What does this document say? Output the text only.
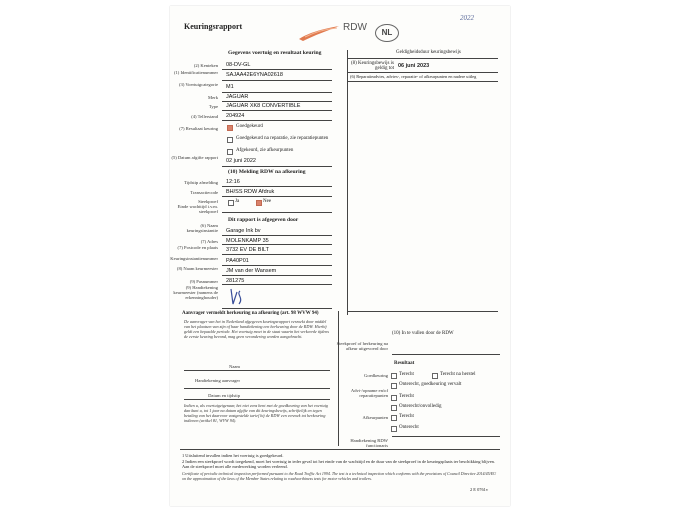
Keuringsrapport	RDW	NL
2022
Gegevens voertuig en resultaat keuring
(2) Kenteken 08-DV-GL
(1) Identificatienummer SAJAA42E6YNA02618
(3) Voertuigcategorie M1
Merk JAGUAR
Type JAGUAR XK8 CONVERTIBLE
(4) Tellerstand 204924
(7) Resultaat keuring	Goedgekeurd
Goedgekeurd na reparatie, zie reparatiepunten
Afgekeurd, zie afkeurpunten
(5) Datum afgifte rapport
02 juni 2022
(10) Melding RDW na afkeuring
Tijdstip afmelding 12:16
Transactiecode BH/SS RDW Afdruk
Steekproef
Einde wachttijd i.v.m. steekproef
Ja	Nee
Dit rapport is afgegeven door
(6) Naam keuringsinstantie Garage Ink bv
(7) Adres MOLENKAMP 35
(7) Postcode en plaats 3732 EV DE BILT
Keuringsinstantienummer PA40P01
(8) Naam keurmeester JM van der Wansem
(9) Pasnummer 281275
(9) Handtekening keurmeester (namens de erkenninghouder)
Geldigheidsduur keuringsbewijs
(8) Keuringsbewijs is geldig tot 06 juni 2023
(6) Reparatieadvies, advies-, reparatie- of afkeurpunten en nadere uitleg
Aanvrager vermeldt herkeuring na afkeuring (art. 98 WVW 94)
De aanvrager van het in Nederland afgegeven keuringsrapport verzoekt door middel van het plaatsen van zijn of haar handtekening een herkeuring door de RDW. Hierbij geldt een bepaalde periode. Het voertuig moet in de staat waarin het verkeerde tijdens de eerste keuring bevond, mag geen verandering worden aangebracht.
Naam
Handtekening aanvrager
Datum en tijdstip
Indien u, als voertuigeigenaar, het niet eens bent met de goedkeuring van het voertuig dan kunt u, tot 1 jaar na datum afgifte van dit keuringsbewijs, schriftelijk en tegen betaling van het daarvoor vastgestelde tarief bij de RDW een verzoek tot herkeuring indienen (artikel 81, WVW 94).
(10) In te vullen door de RDW
Steekproef of herkeuring na afkeur uitgevoerd door
Resultaat
Goedkeuring Terecht	Terecht na herstel
Onterecht, goedkeuring vervalt
Advi-/opname en/of reparatiepunten Terecht
Onterecht/onvolledig
Afkeurpunten Terecht
Onterecht
Handtekening RDW functionaris
1 Uitsluitend invullen indien het voertuig is goedgekeurd.
2 Indien een steekproef wordt toegekend, moet het voertuig in ieder geval tot het einde van de wachttijd en de duur van de steekproef in de keuringsplaats ter beschikking blijven. Aan de steekproef moet alle medewerking worden verleend.
Certificate of periodic technical inspection performed pursuant to the Road Traffic Act 1994. The test is a technical inspection which conforms with the provisions of Council Directive 2014/45/EU on the approximation of the laws of the Member States relating to roadworthiness tests for motor vehicles and trailers.
2 E 0761v
